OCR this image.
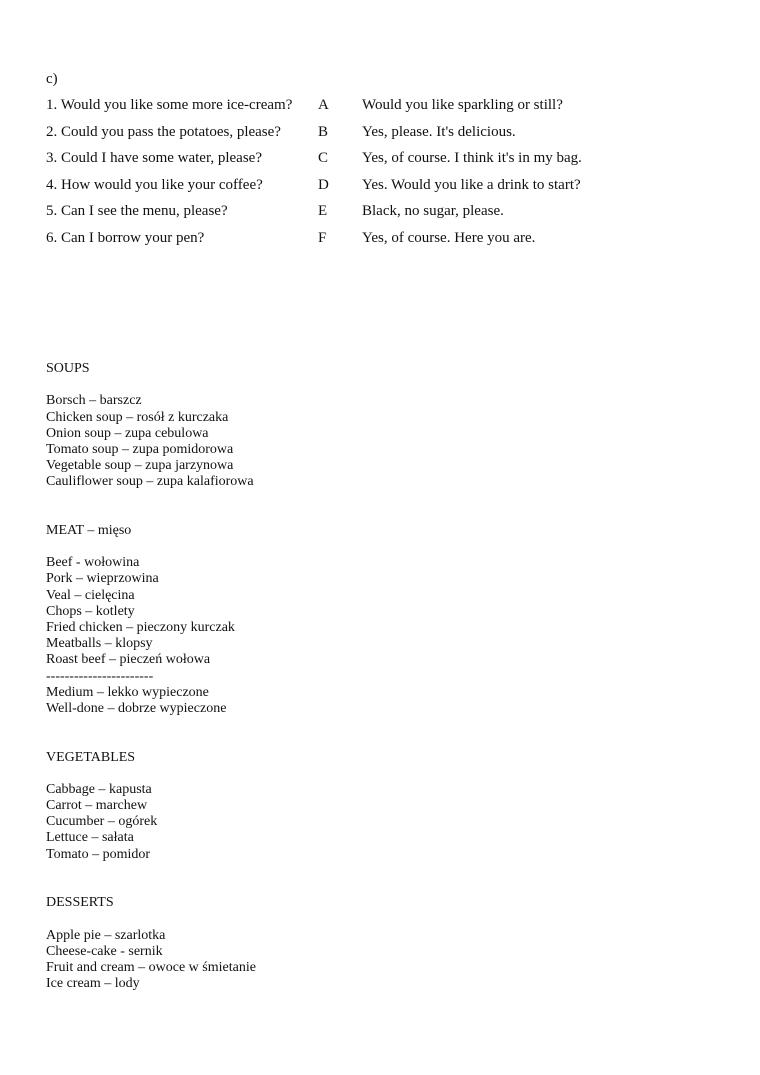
c)
1. Would you like some more ice-cream? A Would you like sparkling or still?
2. Could you pass the potatoes, please? B Yes, please. It's delicious.
3. Could I have some water, please?	C Yes, of course. I think it's in my bag.
4. How would you like your coffee?	D Yes. Would you like a drink to start?
5. Can I see the menu, please?	E Black, no sugar, please.
6. Can I borrow your pen?	F Yes, of course. Here you are.
SOUPS
Borsch – barszcz
Chicken soup – rosół z kurczaka
Onion soup – zupa cebulowa
Tomato soup – zupa pomidorowa
Vegetable soup – zupa jarzynowa
Cauliflower soup – zupa kalafiorowa
MEAT – mięso
Beef - wołowina
Pork – wieprzowina
Veal – cielęcina
Chops – kotlety
Fried chicken – pieczony kurczak
Meatballs – klopsy
Roast beef – pieczeń wołowa
-----------------------
Medium – lekko wypieczone
Well-done – dobrze wypieczone
VEGETABLES
Cabbage – kapusta
Carrot – marchew
Cucumber – ogórek
Lettuce – sałata
Tomato – pomidor
DESSERTS
Apple pie – szarlotka
Cheese-cake - sernik
Fruit and cream – owoce w śmietanie
Ice cream – lody
